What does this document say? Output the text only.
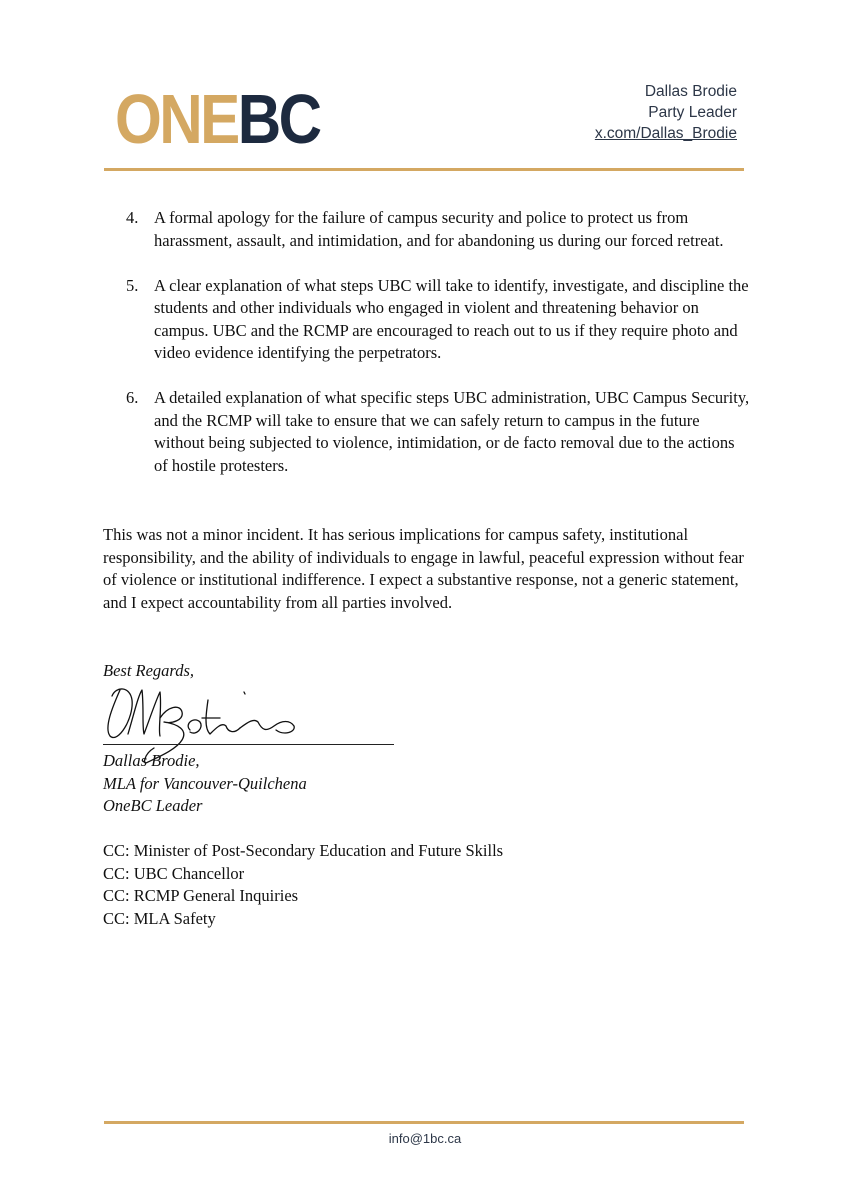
ONEBC	Dallas Brodie
Party Leader
x.com/Dallas_Brodie
4. A formal apology for the failure of campus security and police to protect us from harassment, assault, and intimidation, and for abandoning us during our forced retreat.
5. A clear explanation of what steps UBC will take to identify, investigate, and discipline the students and other individuals who engaged in violent and threatening behavior on campus. UBC and the RCMP are encouraged to reach out to us if they require photo and video evidence identifying the perpetrators.
6. A detailed explanation of what specific steps UBC administration, UBC Campus Security, and the RCMP will take to ensure that we can safely return to campus in the future without being subjected to violence, intimidation, or de facto removal due to the actions of hostile protesters.

This was not a minor incident. It has serious implications for campus safety, institutional responsibility, and the ability of individuals to engage in lawful, peaceful expression without fear of violence or institutional indifference. I expect a substantive response, not a generic statement, and I expect accountability from all parties involved.

Best Regards,
Dallas Brodie,
MLA for Vancouver-Quilchena
OneBC Leader
CC: Minister of Post-Secondary Education and Future Skills
CC: UBC Chancellor
CC: RCMP General Inquiries
CC: MLA Safety
info@1bc.ca
